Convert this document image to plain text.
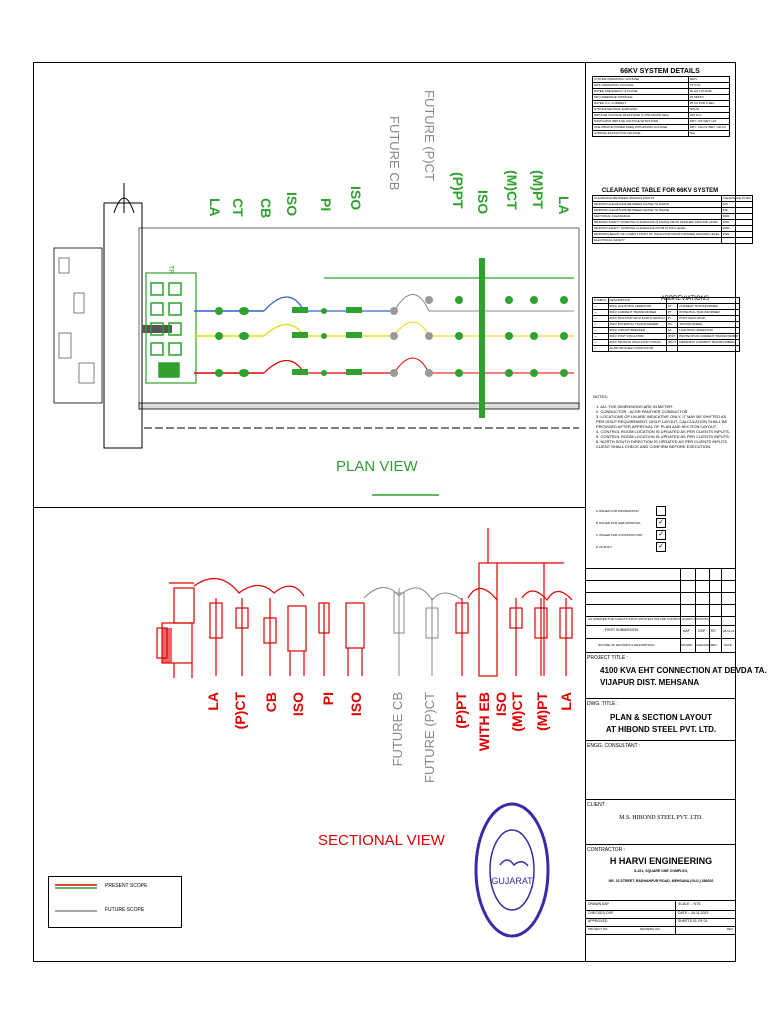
LA CT CB ISO PI ISO
FUTURE CB FUTURE (P)CT
(P)PT ISO (M)CT (M)PT LA
TR.
PLAN VIEW
LA (P)CT CB ISO PI ISO FUTURE CB FUTURE (P)CT (P)PT WITH EB ISO (M)CT (M)PT LA
SECTIONAL VIEW
PRESENT SCOPE
FUTURE SCOPE
GUJARAT
66KV SYSTEM DETAILS
SYSTEM OPERATING VOLTAGE	66KV
MAX OPERATING VOLTAGE	72.5 KV
RATED FREQUENCY & PHASE	50 HZ 3 PHASE
MIN CREEPAGE DISTANCE	25 MM/KV
RATED S.C. CURRENT	25 KA FOR 3 SEC
SYSTEM NEUTRAL EARTHING	SOLID
IMPULSE VOLTAGE WITHSTAND (1.2/50 MICRO SEC)	325 KVp
SWITCHING IMPULSE VOLTAGE WITHSTAND	DRY: N/A WET: N/A
ONE MINUTE POWER FREQ WITHSTAND VOLTAGE	DRY: 140 KV WET: 140 KV
CORONA EXTINCTION VOLTAGE	N/A
CLEARANCE TABLE FOR 66KV SYSTEM
CLEARANCE BETWEEN VARIOUS POINTS	CLEARANCE IN MM
MINIMUM CLEARANCE BETWEEN PHASE TO EARTH	630
MINIMUM CLEARANCE BETWEEN PHASE TO PHASE	630
SECTIONAL CLEARANCE	3000
MINIMUM SAFETY WORKING CLEARANCE (6 KG/PH) FROM FINISHED GROUND LEVEL	4000
MINIMUM SAFETY WORKING CLEARANCE FROM PLINTH LEVEL	3500
MINIMUM HEIGHT OF LOWEST POINT OF INSULATOR FROM FINISHED GROUND LEVEL	2500
ELECTRICAL SAFETY	
ABBREVIATIONS
SYMBOL	DESCRIPTION		
—	66KV LIGHTNING ARRESTOR	CT	CURRENT TRANSFORMER
—	66KV CURRENT TRANSFORMER	PT	POTENTIAL TRANSFORMER
—	66KV ISOLATOR WITH EARTH SWITCH	PI	POST INSULATOR
—	66KV POTENTIAL TRANSFORMER	TR	TRANSFORMER
—	66KV CIRCUIT BREAKER	LA	LIGHTNING ARRESTOR
—	66KV POST INSULATOR	(P)CT	PROTECTION CURRENT TRANSFORMER
—	66KV TENSION INSULATOR STRING	(M)CT	METERING CURRENT TRANSFORMER
—	ACSR PANTHER CONDUCTOR		
NOTES:
1. ALL THE DIMENSIONS ARE IN METER.
2. CONDUCTOR : ACSR PANTHER CONDUCTOR
3. LOCATIONS OF LM ARE INDICATIVE ONLY. IT MAY BE SHIFTED AS PER DISLP REQUIREMENT. DISLP LAYOUT, CALCULATION SHALL BE PROVIDED AFTER APPROVAL OF PLAN AND SECTION LAYOUT.
4. CONTROL ROOM LOCATION IS UPDATED AS PER CLIENTS INPUTS.
5. CONTROL ROOM LOCATION IS UPDATED AS PER CLIENTS INPUTS.
6. NORTH SOUTH DIRECTION IS UPDATED AS PER CLIENTS INPUTS. CLIENT SHALL CHECK AND CONFIRM BEFORE EXECUTION.
A ISSUED FOR INFORMATION
B ISSUED FOR GEB APPROVAL ✓
C ISSUED FOR CONSTRUCTION ✓
D AS BUILT	✓
AS UPDATED THE CLIENT'S INPUT (PROTECTION AND CONTROL ROOM LOCATION)
FIRST SUBMISSION	AAP DSP R0	26.11.23
NATURE OF REVISION & DESCRIPTION	DRAWN CHECKED REV DATE
PROJECT TITLE :
4100 KVA EHT CONNECTION AT DEVDA TA.
VIJAPUR DIST. MEHSANA
DWG. TITLE :
PLAN & SECTION LAYOUT
AT HIBOND STEEL PVT. LTD.
ENGG. CONSULTANT :
CLIENT :
M.S. HIBOND STEEL PVT. LTD.
CONTRACTOR :
H HARVI ENGINEERING
S-221, SQUARE ONE COMPLEX,
NR. 32 STREET, RADHANPUR ROAD, MEHSANA (GUJ.) 384002
DRAWN AAP
CHECKED DSP
APPROVED
PROJECT NO	DRAWING NO.	REV
SCALE :- NTS
DATE :- 26.11.2023
SHEETS 01 OF 01
